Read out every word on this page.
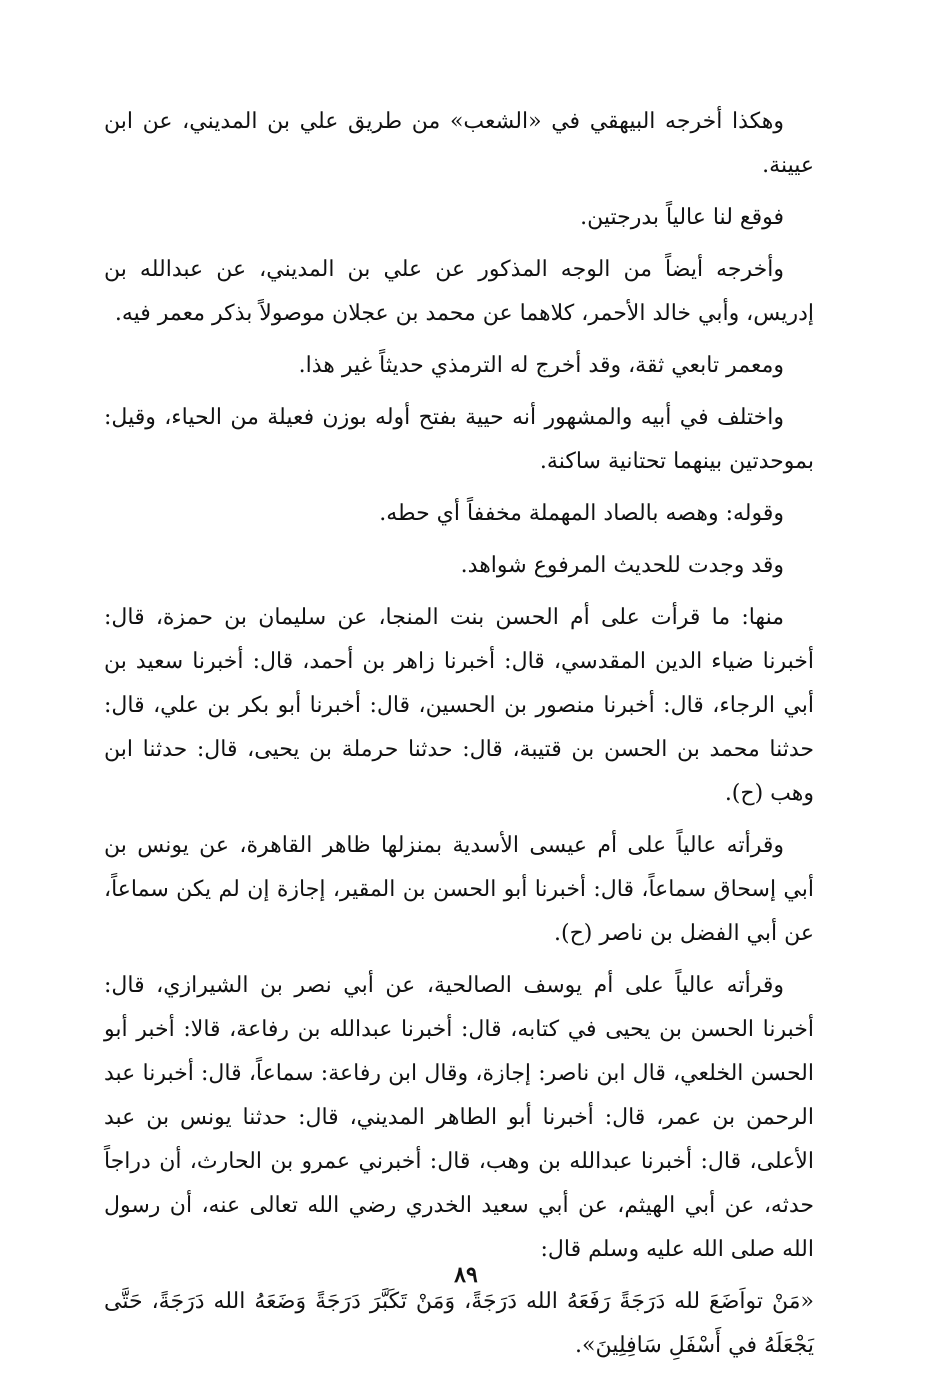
وهكذا أخرجه البيهقي في «الشعب» من طريق علي بن المديني، عن ابن عيينة.

فوقع لنا عالياً بدرجتين.

وأخرجه أيضاً من الوجه المذكور عن علي بن المديني، عن عبدالله بن إدريس، وأبي خالد الأحمر، كلاهما عن محمد بن عجلان موصولاً بذكر معمر فيه.

ومعمر تابعي ثقة، وقد أخرج له الترمذي حديثاً غير هذا.

واختلف في أبيه والمشهور أنه حيية بفتح أوله بوزن فعيلة من الحياء، وقيل: بموحدتين بينهما تحتانية ساكنة.

وقوله: وهصه بالصاد المهملة مخففاً أي حطه.

وقد وجدت للحديث المرفوع شواهد.

منها: ما قرأت على أم الحسن بنت المنجا، عن سليمان بن حمزة، قال: أخبرنا ضياء الدين المقدسي، قال: أخبرنا زاهر بن أحمد، قال: أخبرنا سعيد بن أبي الرجاء، قال: أخبرنا منصور بن الحسين، قال: أخبرنا أبو بكر بن علي، قال: حدثنا محمد بن الحسن بن قتيبة، قال: حدثنا حرملة بن يحيى، قال: حدثنا ابن وهب (ح).

وقرأته عالياً على أم عيسى الأسدية بمنزلها ظاهر القاهرة، عن يونس بن أبي إسحاق سماعاً، قال: أخبرنا أبو الحسن بن المقير، إجازة إن لم يكن سماعاً، عن أبي الفضل بن ناصر (ح).

وقرأته عالياً على أم يوسف الصالحية، عن أبي نصر بن الشيرازي، قال: أخبرنا الحسن بن يحيى في كتابه، قال: أخبرنا عبدالله بن رفاعة، قالا: أخبر أبو الحسن الخلعي، قال ابن ناصر: إجازة، وقال ابن رفاعة: سماعاً، قال: أخبرنا عبد الرحمن بن عمر، قال: أخبرنا أبو الطاهر المديني، قال: حدثنا يونس بن عبد الأعلى، قال: أخبرنا عبدالله بن وهب، قال: أخبرني عمرو بن الحارث، أن دراجاً حدثه، عن أبي الهيثم، عن أبي سعيد الخدري رضي الله تعالى عنه، أن رسول الله صلى الله عليه وسلم قال:

«مَنْ تواَضَعَ لله دَرَجَةً رَفَعَهُ الله دَرَجَةً، وَمَنْ تَكَبَّرَ دَرَجَةً وَضَعَهُ الله دَرَجَةً، حَتَّى يَجْعَلَهُ في أَسْفَلِ سَافِلِينَ».

٨٩
